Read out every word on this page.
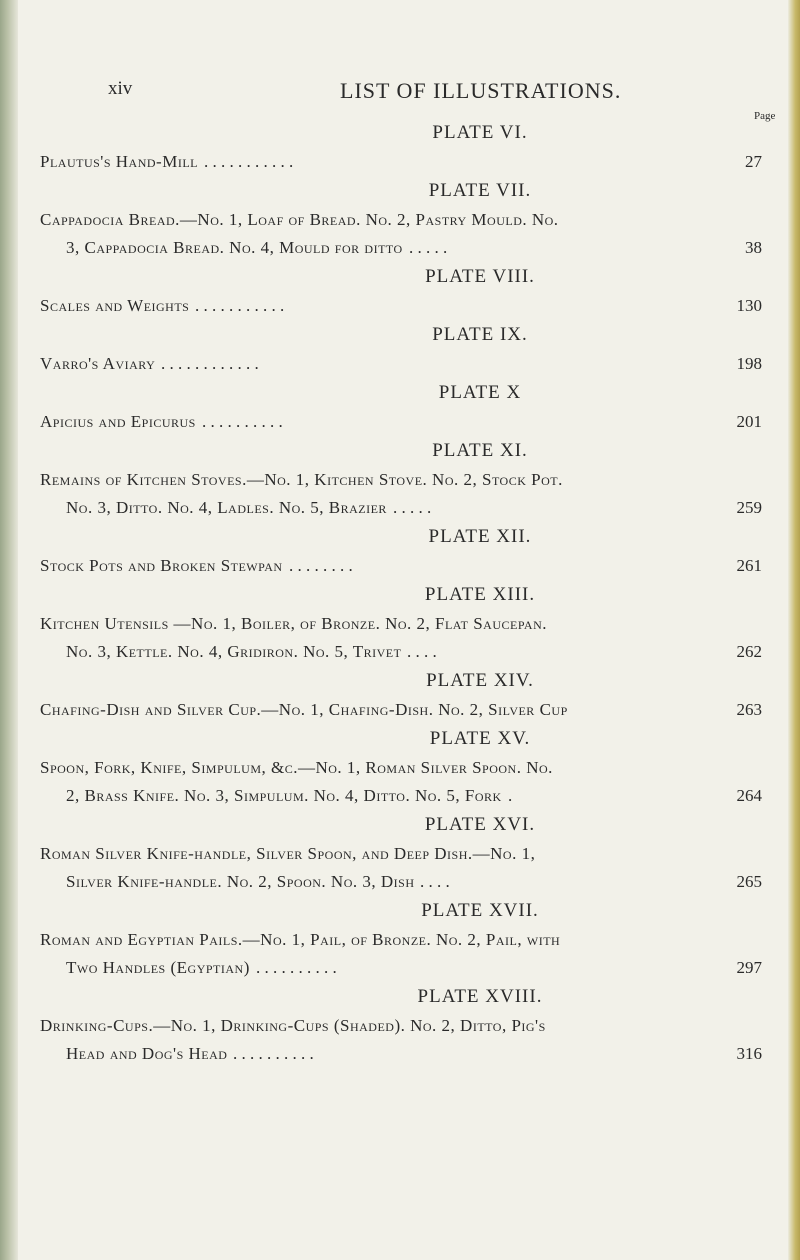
xiv	LIST OF ILLUSTRATIONS.
Page
PLATE VI.
Plautus's Hand-Mill . . . . . . . . . . .	27
PLATE VII.
Cappadocia Bread.—No. 1, Loaf of Bread. No. 2, Pastry Mould. No.
3, Cappadocia Bread. No. 4, Mould for ditto . . . . .	38
PLATE VIII.
Scales and Weights . . . . . . . . . . .	130
PLATE IX.
Varro's Aviary . . . . . . . . . . . .	198
PLATE X
Apicius and Epicurus . . . . . . . . . .	201
PLATE XI.
Remains of Kitchen Stoves.—No. 1, Kitchen Stove. No. 2, Stock Pot.
No. 3, Ditto. No. 4, Ladles. No. 5, Brazier . . . . .	259
PLATE XII.
Stock Pots and Broken Stewpan . . . . . . . .	261
PLATE XIII.
Kitchen Utensils —No. 1, Boiler, of Bronze. No. 2, Flat Saucepan.
No. 3, Kettle. No. 4, Gridiron. No. 5, Trivet . . . .	262
PLATE XIV.
Chafing-Dish and Silver Cup.—No. 1, Chafing-Dish. No. 2, Silver Cup	263
PLATE XV.
Spoon, Fork, Knife, Simpulum, &c.—No. 1, Roman Silver Spoon. No.
2, Brass Knife. No. 3, Simpulum. No. 4, Ditto. No. 5, Fork .	264
PLATE XVI.
Roman Silver Knife-handle, Silver Spoon, and Deep Dish.—No. 1,
Silver Knife-handle. No. 2, Spoon. No. 3, Dish . . . .	265
PLATE XVII.
Roman and Egyptian Pails.—No. 1, Pail, of Bronze. No. 2, Pail, with
Two Handles (Egyptian) . . . . . . . . . .	297
PLATE XVIII.
Drinking-Cups.—No. 1, Drinking-Cups (Shaded). No. 2, Ditto, Pig's
Head and Dog's Head . . . . . . . . . .	316
